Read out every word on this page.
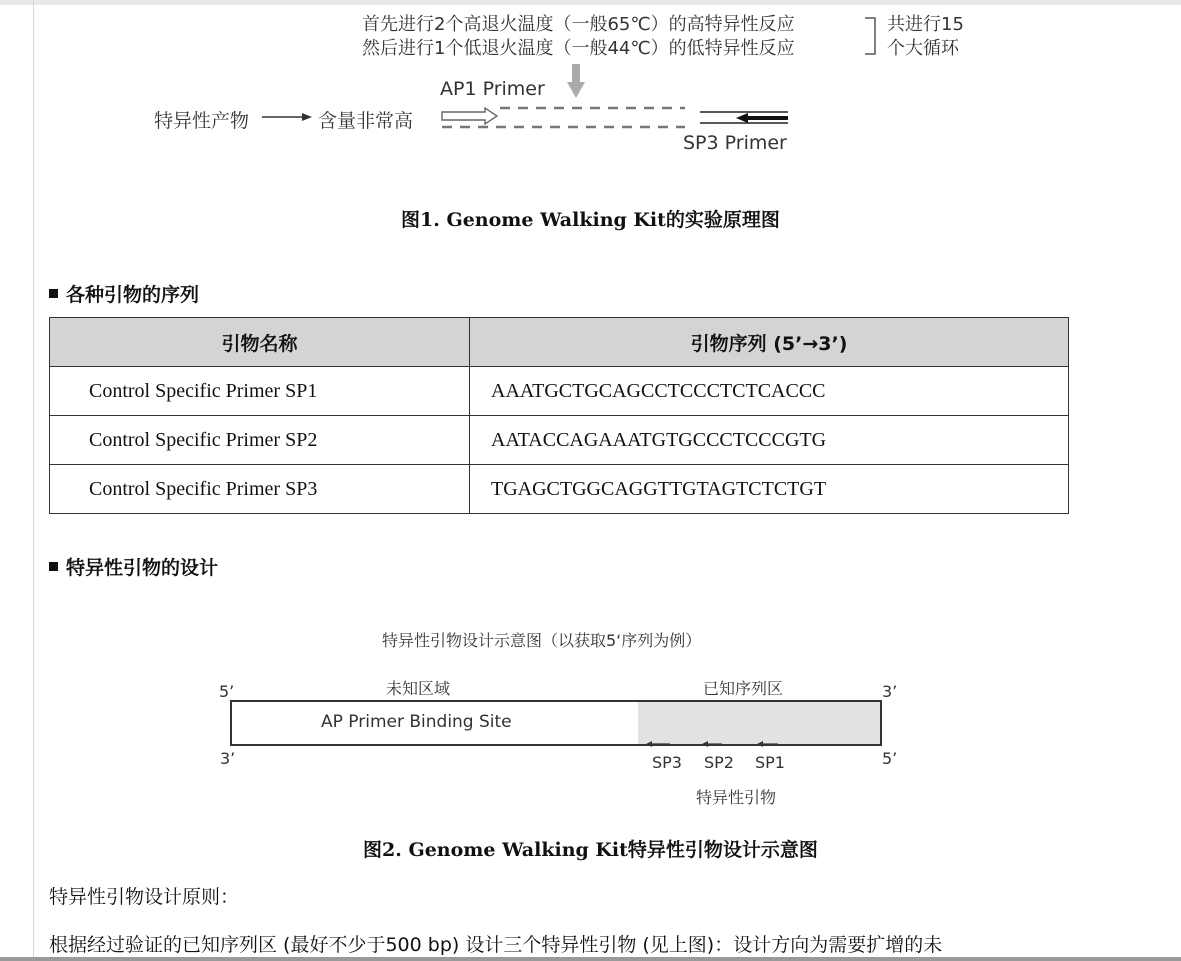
首先进行2个高退火温度（一般65℃）的高特异性反应
然后进行1个低退火温度（一般44℃）的低特异性反应
共进行15
个大循环
AP1 Primer
特异性产物	含量非常高
SP3 Primer
图1. Genome Walking Kit的实验原理图
各种引物的序列
引物名称	引物序列 (5’→3’)
Control Specific Primer SP1	AAATGCTGCAGCCTCCCTCTCACCC
Control Specific Primer SP2	AATACCAGAAATGTGCCCTCCCGTG
Control Specific Primer SP3	TGAGCTGGCAGGTTGTAGTCTCTGT
特异性引物的设计
特异性引物设计示意图（以获取5‘序列为例）
未知区域	已知序列区
5’	3’
AP Primer Binding Site
3’	5’
SP3 SP2 SP1
特异性引物
图2. Genome Walking Kit特异性引物设计示意图
特异性引物设计原则：
根据经过验证的已知序列区 (最好不少于500 bp) 设计三个特异性引物 (见上图)：设计方向为需要扩增的未
